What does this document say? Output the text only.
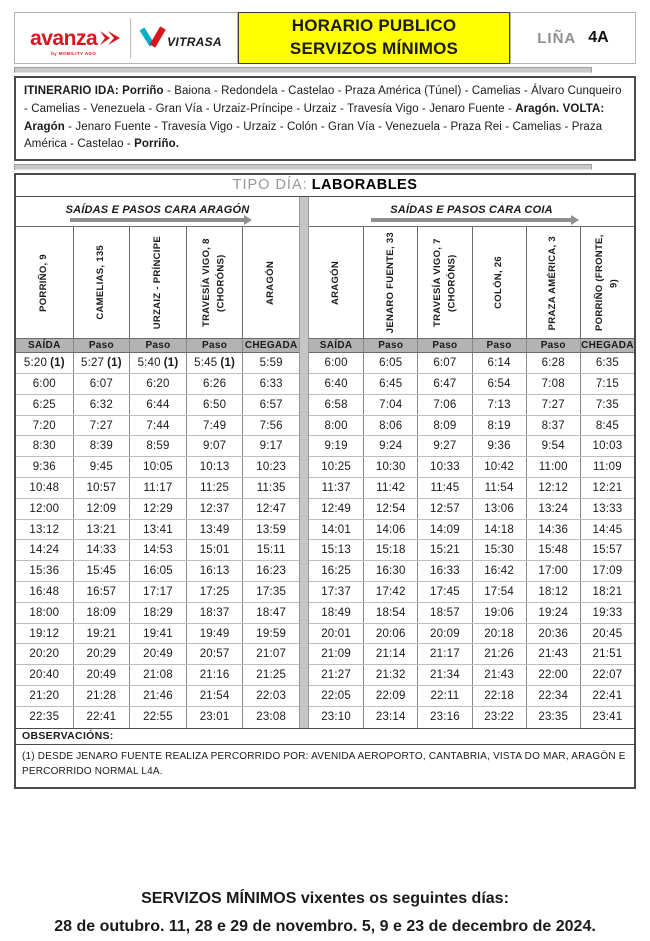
avanza
by MOBILITY ADO
VITRASA
HORARIO PUBLICO
SERVIZOS MÍNIMOS
LIÑA 4A
ITINERARIO IDA: Porriño - Baiona - Redondela - Castelao - Praza América (Túnel) - Camelias - Álvaro Cunqueiro - Camelias - Venezuela - Gran Vía - Urzaiz-Príncipe - Urzaiz - Travesía Vigo - Jenaro Fuente - Aragón. VOLTA: Aragón - Jenaro Fuente - Travesía Vigo - Urzaiz - Colón - Gran Vía - Venezuela - Praza Rei - Camelias - Praza América - Castelao - Porriño.
TIPO DÍA: LABORABLES
SAÍDAS E PASOS CARA ARAGÓN
PORRIÑO, 9	CAMELIAS, 135	URZAIZ - PRÍNCIPE	TRAVESÍA VIGO, 8 (CHORÓNS)	ARAGÓN
SAÍDA	Paso	Paso	Paso	CHEGADA
5:20 (1)	5:27 (1)	5:40 (1)	5:45 (1)	5:59
6:00	6:07	6:20	6:26	6:33
6:25	6:32	6:44	6:50	6:57
7:20	7:27	7:44	7:49	7:56
8:30	8:39	8:59	9:07	9:17
9:36	9:45	10:05	10:13	10:23
10:48	10:57	11:17	11:25	11:35
12:00	12:09	12:29	12:37	12:47
13:12	13:21	13:41	13:49	13:59
14:24	14:33	14:53	15:01	15:11
15:36	15:45	16:05	16:13	16:23
16:48	16:57	17:17	17:25	17:35
18:00	18:09	18:29	18:37	18:47
19:12	19:21	19:41	19:49	19:59
20:20	20:29	20:49	20:57	21:07
20:40	20:49	21:08	21:16	21:25
21:20	21:28	21:46	21:54	22:03
22:35	22:41	22:55	23:01	23:08
SAÍDAS E PASOS CARA COIA
ARAGÓN	JENARO FUENTE, 33	TRAVESÍA VIGO, 7 (CHORÓNS)	COLÓN, 26	PRAZA AMÉRICA, 3	PORRIÑO (FRONTE, 9)
SAÍDA	Paso	Paso	Paso	Paso	CHEGADA
6:00	6:05	6:07	6:14	6:28	6:35
6:40	6:45	6:47	6:54	7:08	7:15
6:58	7:04	7:06	7:13	7:27	7:35
8:00	8:06	8:09	8:19	8:37	8:45
9:19	9:24	9:27	9:36	9:54	10:03
10:25	10:30	10:33	10:42	11:00	11:09
11:37	11:42	11:45	11:54	12:12	12:21
12:49	12:54	12:57	13:06	13:24	13:33
14:01	14:06	14:09	14:18	14:36	14:45
15:13	15:18	15:21	15:30	15:48	15:57
16:25	16:30	16:33	16:42	17:00	17:09
17:37	17:42	17:45	17:54	18:12	18:21
18:49	18:54	18:57	19:06	19:24	19:33
20:01	20:06	20:09	20:18	20:36	20:45
21:09	21:14	21:17	21:26	21:43	21:51
21:27	21:32	21:34	21:43	22:00	22:07
22:05	22:09	22:11	22:18	22:34	22:41
23:10	23:14	23:16	23:22	23:35	23:41
OBSERVACIÓNS:
(1) DESDE JENARO FUENTE REALIZA PERCORRIDO POR: AVENIDA AEROPORTO, CANTABRIA, VISTA DO MAR, ARAGÓN E PERCORRIDO NORMAL L4A.
SERVIZOS MÍNIMOS vixentes os seguintes días:
28 de outubro. 11, 28 e 29 de novembro. 5, 9 e 23 de decembro de 2024.
